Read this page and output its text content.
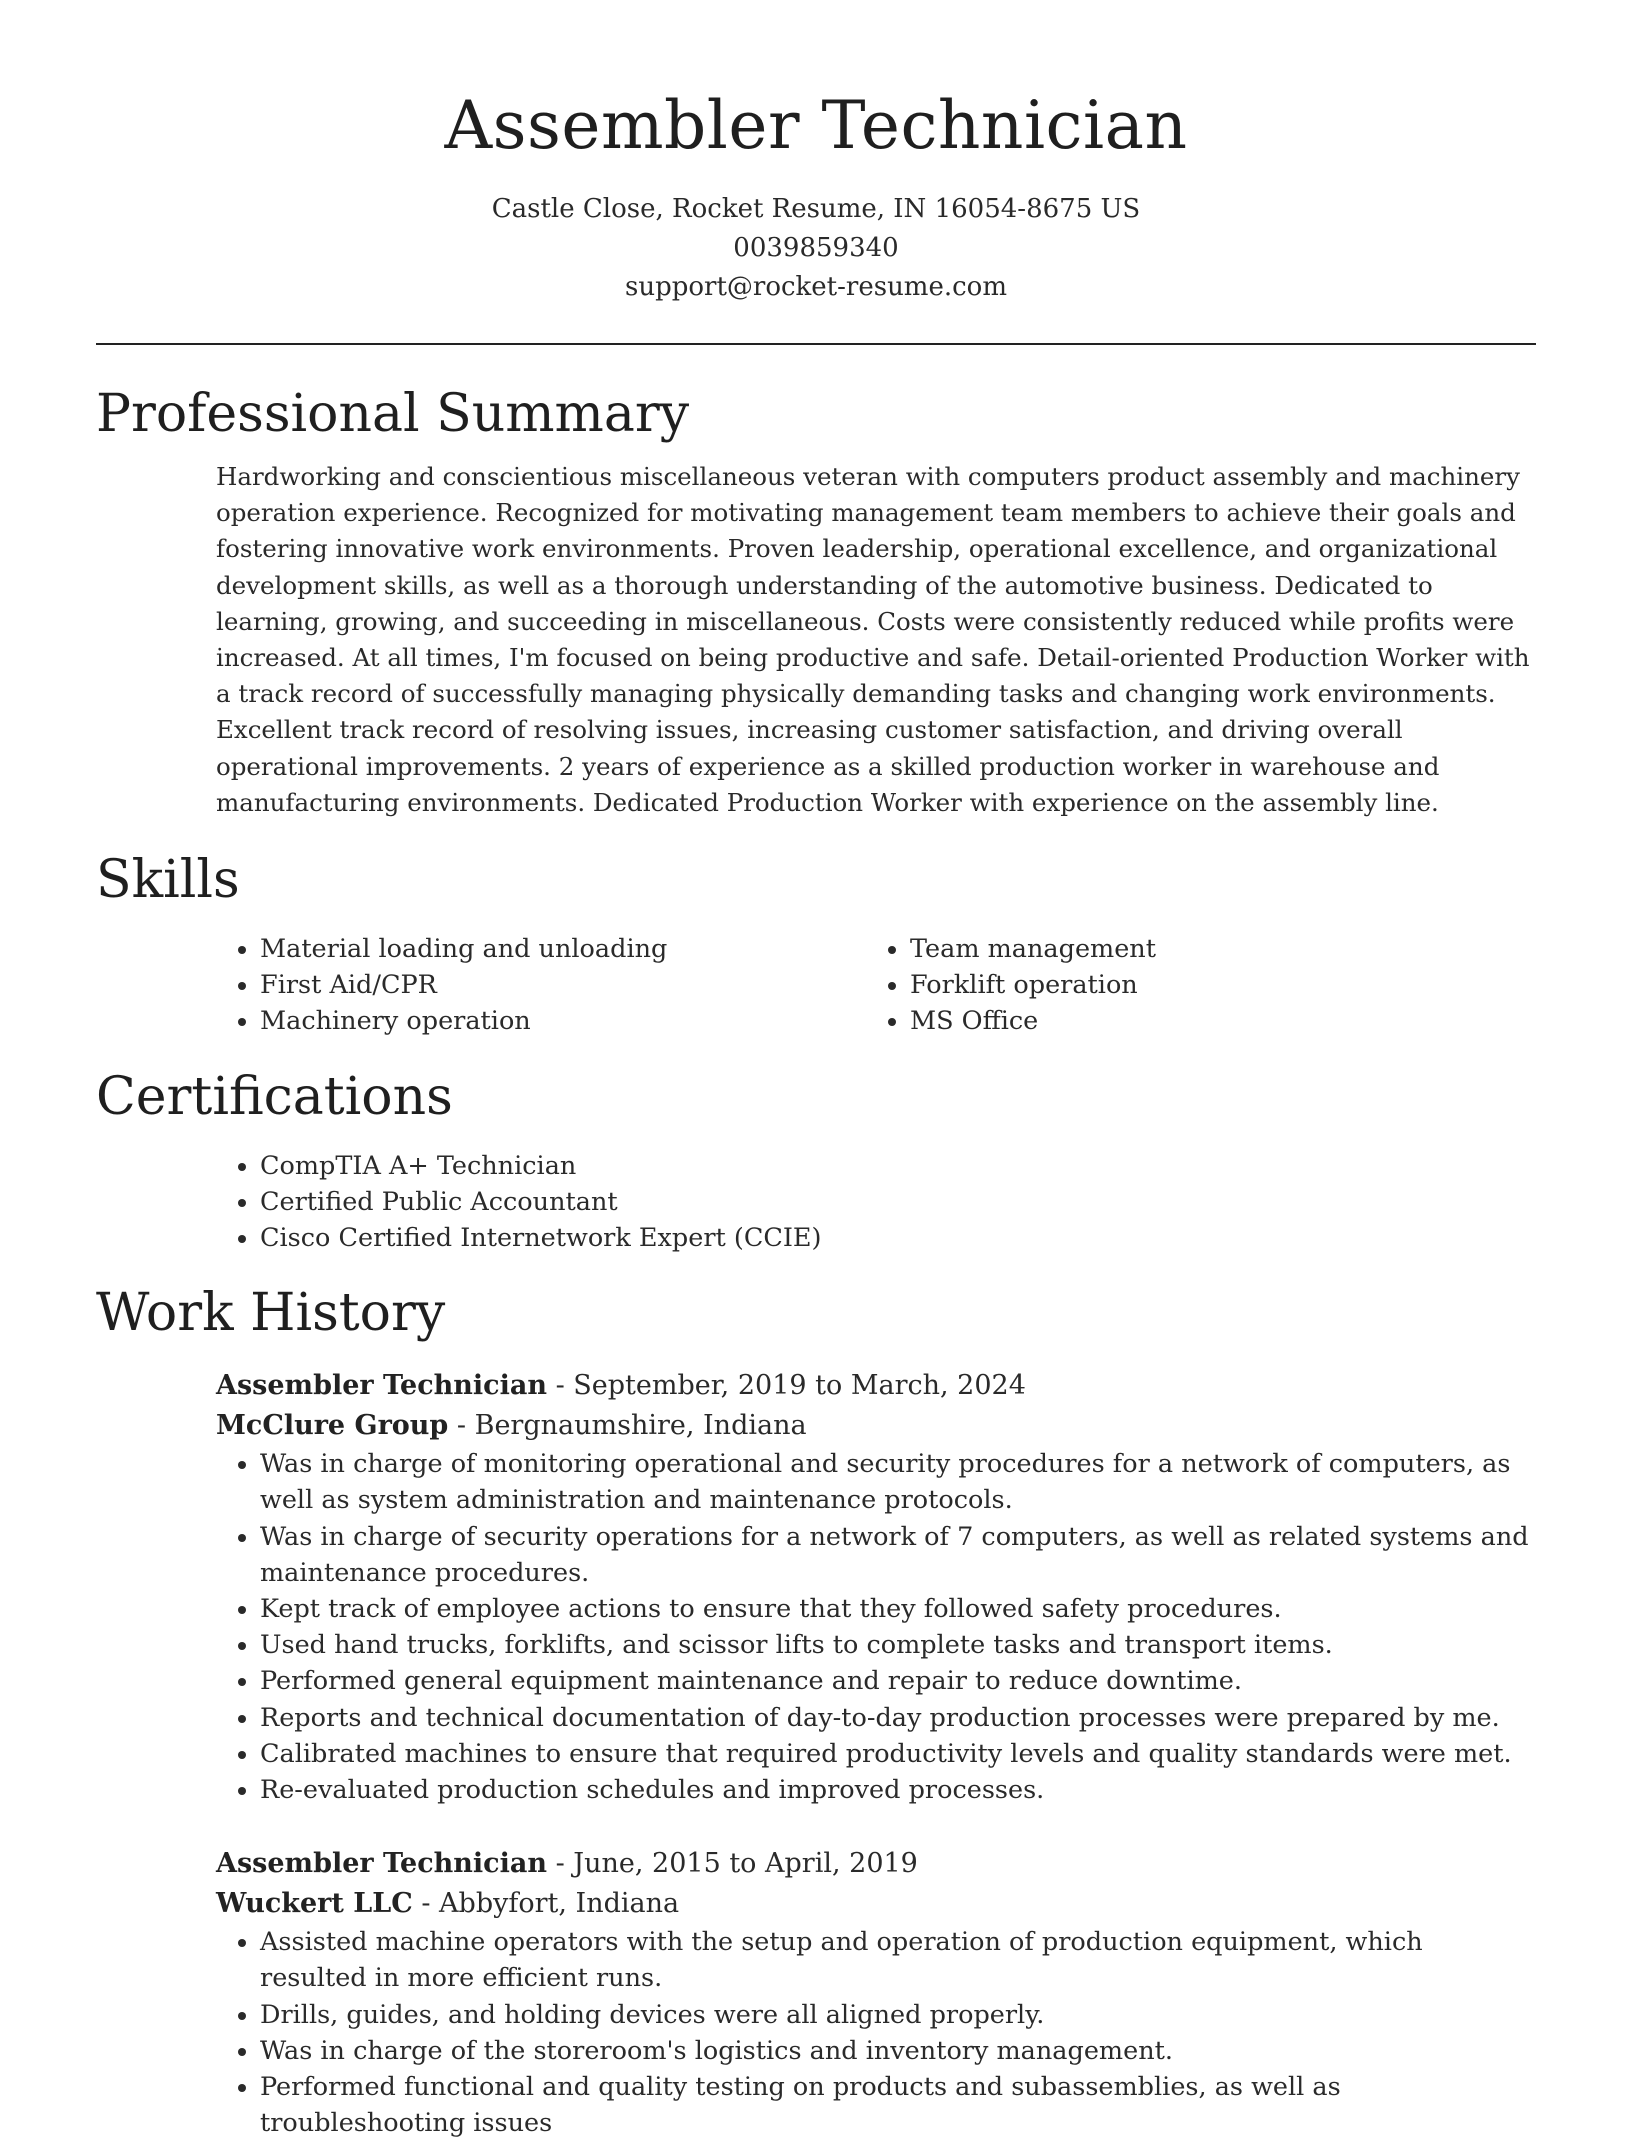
Assembler Technician
Castle Close, Rocket Resume, IN 16054-8675 US
0039859340
support@rocket-resume.com
Professional Summary

Hardworking and conscientious miscellaneous veteran with computers product assembly and machinery operation experience. Recognized for motivating management team members to achieve their goals and fostering innovative work environments. Proven leadership, operational excellence, and organizational development skills, as well as a thorough understanding of the automotive business. Dedicated to learning, growing, and succeeding in miscellaneous. Costs were consistently reduced while profits were increased. At all times, I'm focused on being productive and safe. Detail-oriented Production Worker with a track record of successfully managing physically demanding tasks and changing work environments. Excellent track record of resolving issues, increasing customer satisfaction, and driving overall operational improvements. 2 years of experience as a skilled production worker in warehouse and manufacturing environments. Dedicated Production Worker with experience on the assembly line.

Skills
• Material loading and unloading
• First Aid/CPR
• Machinery operation
• Team management
• Forklift operation
• MS Office
Certifications
• CompTIA A+ Technician
• Certified Public Accountant
• Cisco Certified Internetwork Expert (CCIE)
Work History
Assembler Technician - September, 2019 to March, 2024
McClure Group - Bergnaumshire, Indiana
• Was in charge of monitoring operational and security procedures for a network of computers, as well as system administration and maintenance protocols.
• Was in charge of security operations for a network of 7 computers, as well as related systems and maintenance procedures.
• Kept track of employee actions to ensure that they followed safety procedures.
• Used hand trucks, forklifts, and scissor lifts to complete tasks and transport items.
• Performed general equipment maintenance and repair to reduce downtime.
• Reports and technical documentation of day-to-day production processes were prepared by me.
• Calibrated machines to ensure that required productivity levels and quality standards were met.
• Re-evaluated production schedules and improved processes.
Assembler Technician - June, 2015 to April, 2019
Wuckert LLC - Abbyfort, Indiana
• Assisted machine operators with the setup and operation of production equipment, which resulted in more efficient runs.
• Drills, guides, and holding devices were all aligned properly.
• Was in charge of the storeroom's logistics and inventory management.
• Performed functional and quality testing on products and subassemblies, as well as troubleshooting issues
